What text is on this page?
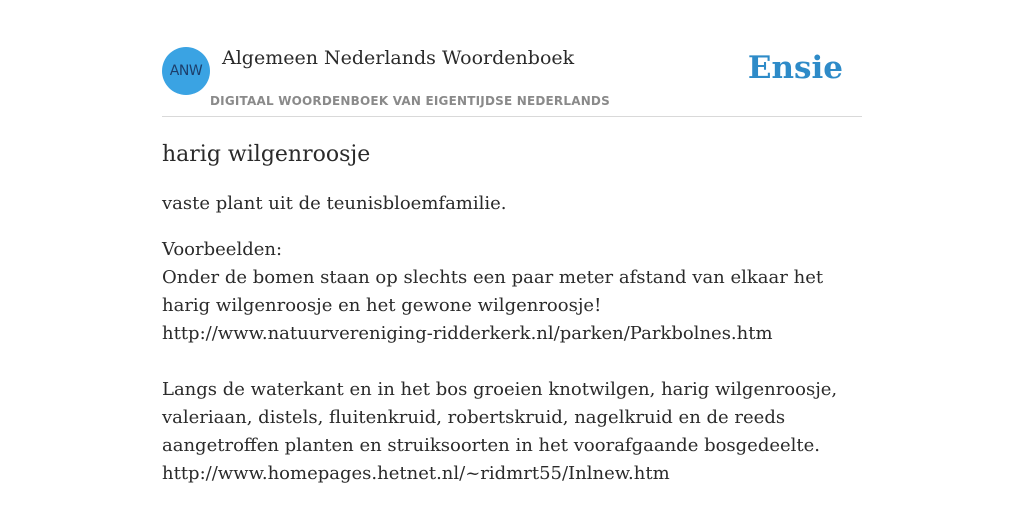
ANW
Algemeen Nederlands Woordenboek
DIGITAAL WOORDENBOEK VAN EIGENTIJDSE NEDERLANDS
Ensie
harig wilgenroosje

vaste plant uit de teunisbloemfamilie.

Voorbeelden:
Onder de bomen staan op slechts een paar meter afstand van elkaar het harig wilgenroosje en het gewone wilgenroosje!
http://www.natuurvereniging-ridderkerk.nl/parken/Parkbolnes.htm
Langs de waterkant en in het bos groeien knotwilgen, harig wilgenroosje, valeriaan, distels, fluitenkruid, robertskruid, nagelkruid en de reeds aangetroffen planten en struiksoorten in het voorafgaande bosgedeelte.
http://www.homepages.hetnet.nl/~ridmrt55/Inlnew.htm
